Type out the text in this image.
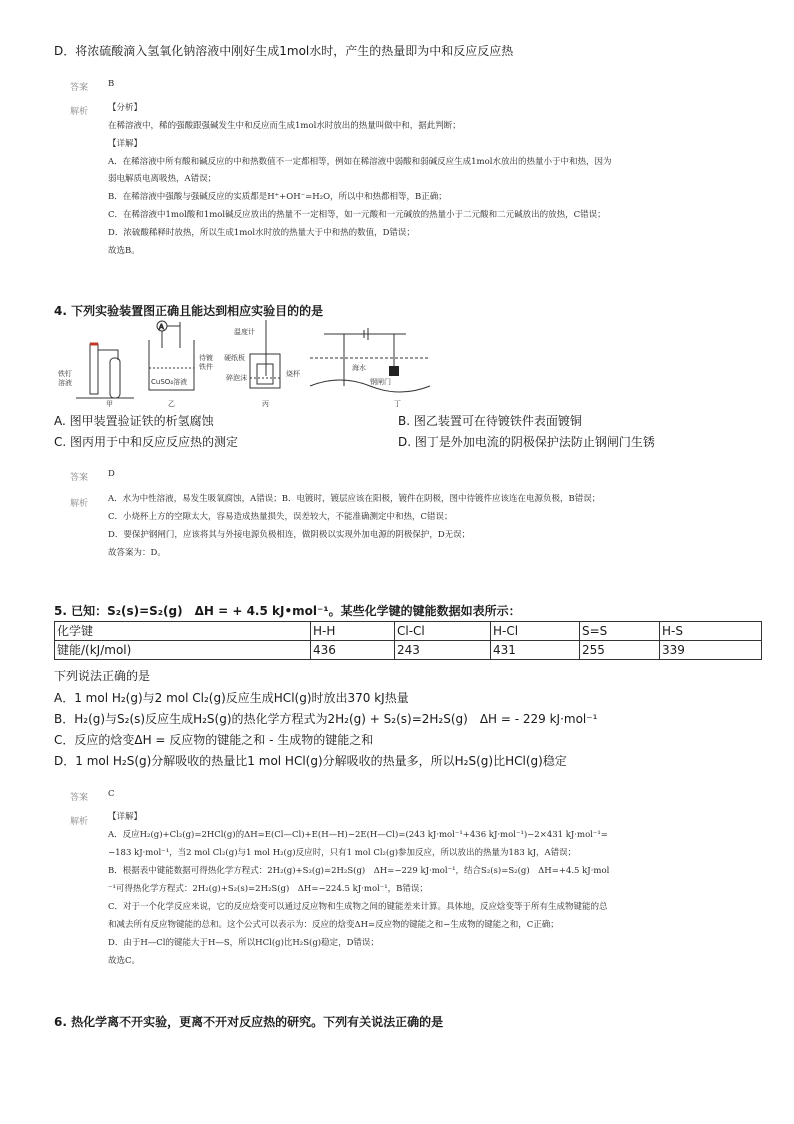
D．将浓硫酸滴入氢氧化钠溶液中刚好生成1mol水时，产生的热量即为中和反应反应热
答案 B
解析 【分析】
在稀溶液中，稀的强酸跟强碱发生中和反应而生成1mol水时放出的热量叫做中和，据此判断；
【详解】
A．在稀溶液中所有酸和碱反应的中和热数值不一定都相等，例如在稀溶液中弱酸和弱碱反应生成1mol水放出的热量小于中和热，因为
弱电解质电离吸热，A错误；
B．在稀溶液中强酸与强碱反应的实质都是H⁺+OH⁻=H₂O，所以中和热都相等，B正确；
C．在稀溶液中1mol酸和1mol碱反应放出的热量不一定相等，如一元酸和一元碱放的热量小于二元酸和二元碱放出的放热，C错误；
D．浓硫酸稀释时放热，所以生成1mol水时放的热量大于中和热的数值，D错误；
故选B。
4. 下列实验装置图正确且能达到相应实验目的的是
铁钉
溶液
甲
A
待镀
铁件
CuSO₄溶液
乙
温度计
硬纸板
碎泡沫	烧杯
丙
海水
钢闸门
丁
A. 图甲装置验证铁的析氢腐蚀	B. 图乙装置可在待镀铁件表面镀铜
C. 图丙用于中和反应反应热的测定	D. 图丁是外加电流的阴极保护法防止钢闸门生锈
答案 D
解析 A．水为中性溶液，易发生吸氧腐蚀，A错误；B．电镀时，镀层应该在阳极，镀件在阴极，图中待镀件应该连在电源负极，B错误；
C．小烧杯上方的空隙太大，容易造成热量损失，误差较大，不能准确测定中和热，C错误；
D．要保护钢闸门，应该将其与外接电源负极相连，做阴极以实现外加电源的阴极保护，D无误；
故答案为：D。
5. 已知：S₂(s)=S₂(g)　ΔH = + 4.5 kJ•mol⁻¹。某些化学键的键能数据如表所示：
化学键	H-H	Cl-Cl	H-Cl	S=S	H-S
键能/(kJ/mol)	436	243	431	255	339
下列说法正确的是
A．1 mol H₂(g)与2 mol Cl₂(g)反应生成HCl(g)时放出370 kJ热量
B．H₂(g)与S₂(s)反应生成H₂S(g)的热化学方程式为2H₂(g) + S₂(s)=2H₂S(g)　ΔH = - 229 kJ·mol⁻¹
C．反应的焓变ΔH = 反应物的键能之和 - 生成物的键能之和
D．1 mol H₂S(g)分解吸收的热量比1 mol HCl(g)分解吸收的热量多，所以H₂S(g)比HCl(g)稳定
答案 C
解析 【详解】
A．反应H₂(g)+Cl₂(g)=2HCl(g)的ΔH=E(Cl—Cl)+E(H—H)−2E(H—Cl)=(243 kJ·mol⁻¹+436 kJ·mol⁻¹)−2×431 kJ·mol⁻¹=
−183 kJ·mol⁻¹，当2 mol Cl₂(g)与1 mol H₂(g)反应时，只有1 mol Cl₂(g)参加反应，所以放出的热量为183 kJ，A错误；
B．根据表中键能数据可得热化学方程式：2H₂(g)+S₂(g)=2H₂S(g)　ΔH=−229 kJ·mol⁻¹，结合S₂(s)=S₂(g)　ΔH=+4.5 kJ·mol
⁻¹可得热化学方程式：2H₂(g)+S₂(s)=2H₂S(g)　ΔH=−224.5 kJ·mol⁻¹，B错误；
C．对于一个化学反应来说，它的反应焓变可以通过反应物和生成物之间的键能差来计算。具体地，反应焓变等于所有生成物键能的总
和减去所有反应物键能的总和。这个公式可以表示为：反应的焓变ΔH=反应物的键能之和−生成物的键能之和，C正确；
D．由于H—Cl的键能大于H—S，所以HCl(g)比H₂S(g)稳定，D错误；
故选C。
6. 热化学离不开实验，更离不开对反应热的研究。下列有关说法正确的是
